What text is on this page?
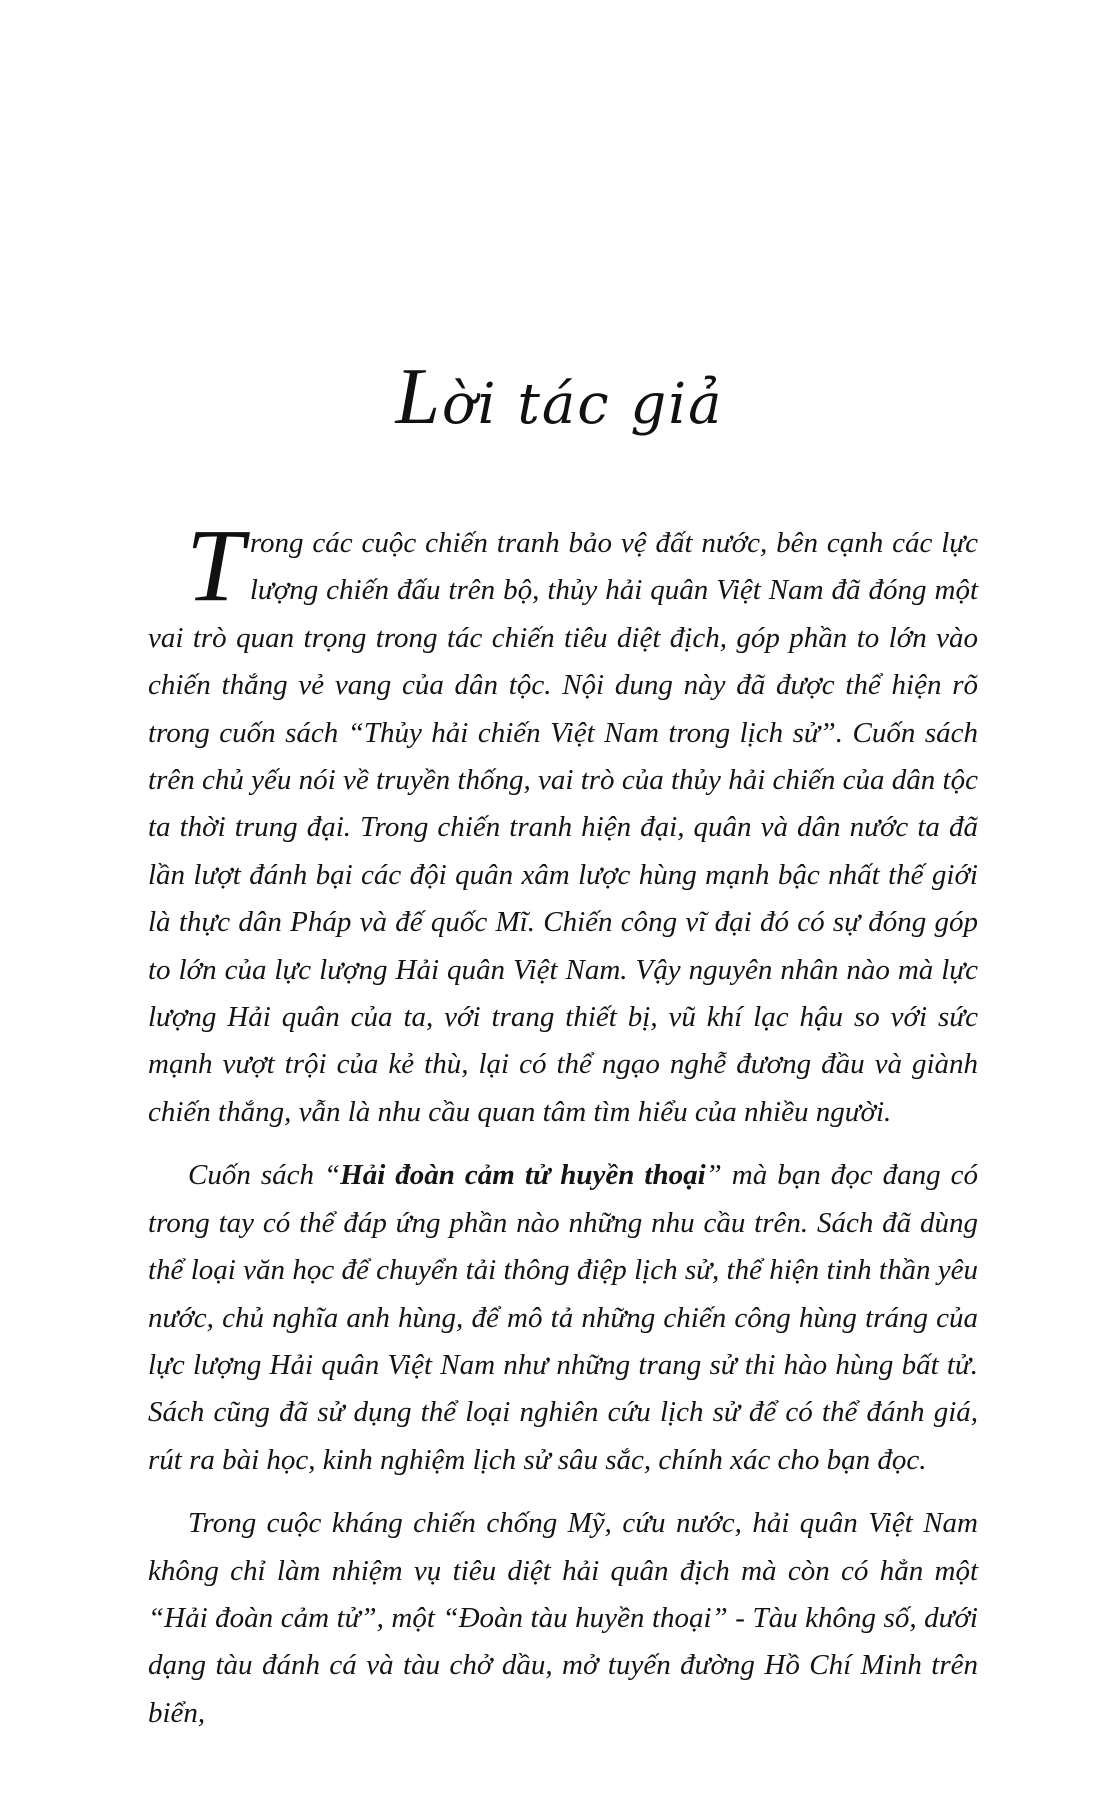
Lời tác giả

Trong các cuộc chiến tranh bảo vệ đất nước, bên cạnh các lực lượng chiến đấu trên bộ, thủy hải quân Việt Nam đã đóng một vai trò quan trọng trong tác chiến tiêu diệt địch, góp phần to lớn vào chiến thắng vẻ vang của dân tộc. Nội dung này đã được thể hiện rõ trong cuốn sách “Thủy hải chiến Việt Nam trong lịch sử”. Cuốn sách trên chủ yếu nói về truyền thống, vai trò của thủy hải chiến của dân tộc ta thời trung đại. Trong chiến tranh hiện đại, quân và dân nước ta đã lần lượt đánh bại các đội quân xâm lược hùng mạnh bậc nhất thế giới là thực dân Pháp và đế quốc Mĩ. Chiến công vĩ đại đó có sự đóng góp to lớn của lực lượng Hải quân Việt Nam. Vậy nguyên nhân nào mà lực lượng Hải quân của ta, với trang thiết bị, vũ khí lạc hậu so với sức mạnh vượt trội của kẻ thù, lại có thể ngạo nghễ đương đầu và giành chiến thắng, vẫn là nhu cầu quan tâm tìm hiểu của nhiều người.

Cuốn sách “Hải đoàn cảm tử huyền thoại” mà bạn đọc đang có trong tay có thể đáp ứng phần nào những nhu cầu trên. Sách đã dùng thể loại văn học để chuyển tải thông điệp lịch sử, thể hiện tinh thần yêu nước, chủ nghĩa anh hùng, để mô tả những chiến công hùng tráng của lực lượng Hải quân Việt Nam như những trang sử thi hào hùng bất tử. Sách cũng đã sử dụng thể loại nghiên cứu lịch sử để có thể đánh giá, rút ra bài học, kinh nghiệm lịch sử sâu sắc, chính xác cho bạn đọc.

Trong cuộc kháng chiến chống Mỹ, cứu nước, hải quân Việt Nam không chỉ làm nhiệm vụ tiêu diệt hải quân địch mà còn có hẳn một “Hải đoàn cảm tử”, một “Đoàn tàu huyền thoại” - Tàu không số, dưới dạng tàu đánh cá và tàu chở dầu, mở tuyến đường Hồ Chí Minh trên biển,
